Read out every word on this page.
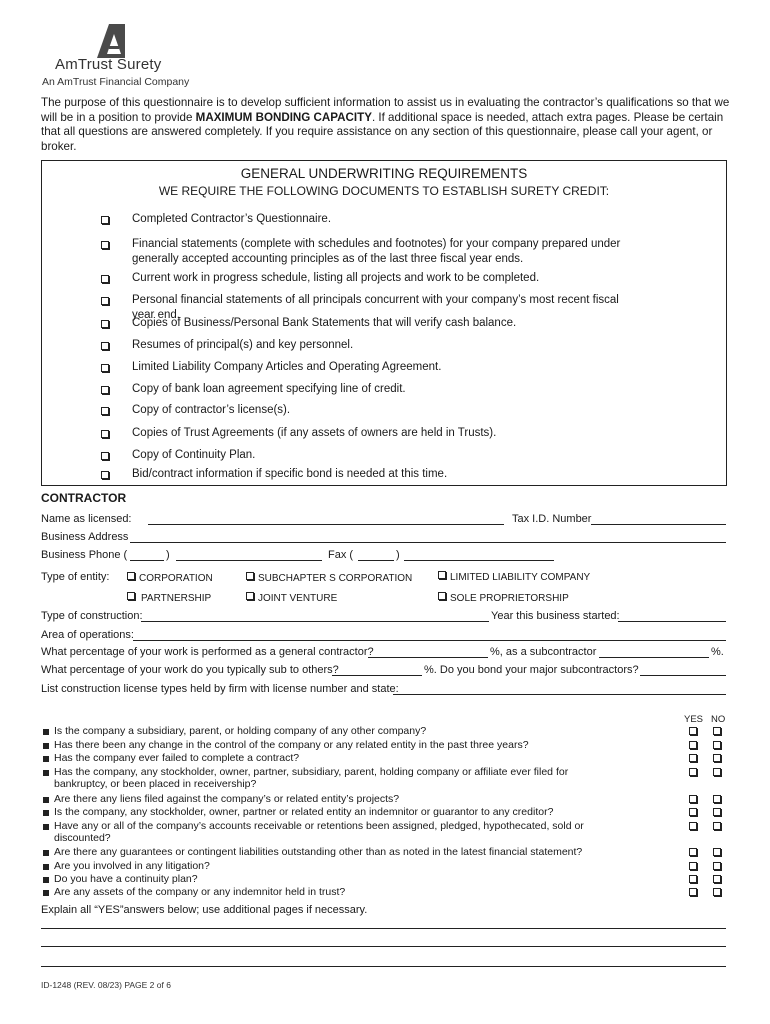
AmTrust Surety
An AmTrust Financial Company

The purpose of this questionnaire is to develop sufficient information to assist us in evaluating the contractor’s qualifications so that we will be in a position to provide MAXIMUM BONDING CAPACITY. If additional space is needed, attach extra pages. Please be certain that all questions are answered completely. If you require assistance on any section of this questionnaire, please call your agent, or broker.

GENERAL UNDERWRITING REQUIREMENTS
WE REQUIRE THE FOLLOWING DOCUMENTS TO ESTABLISH SURETY CREDIT:
Completed Contractor’s Questionnaire.
Financial statements (complete with schedules and footnotes) for your company prepared under generally accepted accounting principles as of the last three fiscal year ends.
Current work in progress schedule, listing all projects and work to be completed.
Personal financial statements of all principals concurrent with your company’s most recent fiscal year end.
Copies of Business/Personal Bank Statements that will verify cash balance.
Resumes of principal(s) and key personnel.
Limited Liability Company Articles and Operating Agreement.
Copy of bank loan agreement specifying line of credit.
Copy of contractor’s license(s).
Copies of Trust Agreements (if any assets of owners are held in Trusts).
Copy of Continuity Plan.
Bid/contract information if specific bond is needed at this time.
CONTRACTOR
Name as licensed:	Tax I.D. Number
Business Address
Business Phone (	)	Fax (	)
Type of entity:	CORPORATION	SUBCHAPTER S CORPORATION	LIMITED LIABILITY COMPANY
PARTNERSHIP	JOINT VENTURE	SOLE PROPRIETORSHIP
Type of construction:	Year this business started:
Area of operations:
What percentage of your work is performed as a general contractor?	%, as a subcontractor	%.
What percentage of your work do you typically sub to others?	%. Do you bond your major subcontractors?
List construction license types held by firm with license number and state:
YES NO
Is the company a subsidiary, parent, or holding company of any other company?
Has there been any change in the control of the company or any related entity in the past three years?
Has the company ever failed to complete a contract?
Has the company, any stockholder, owner, partner, subsidiary, parent, holding company or affiliate ever filed for bankruptcy, or been placed in receivership?
Are there any liens filed against the company’s or related entity’s projects?
Is the company, any stockholder, owner, partner or related entity an indemnitor or guarantor to any creditor?
Have any or all of the company’s accounts receivable or retentions been assigned, pledged, hypothecated, sold or discounted?
Are there any guarantees or contingent liabilities outstanding other than as noted in the latest financial statement?
Are you involved in any litigation?
Do you have a continuity plan?
Are any assets of the company or any indemnitor held in trust?
Explain all “YES”answers below; use additional pages if necessary.
ID-1248 (REV. 08/23) PAGE 2 of 6
